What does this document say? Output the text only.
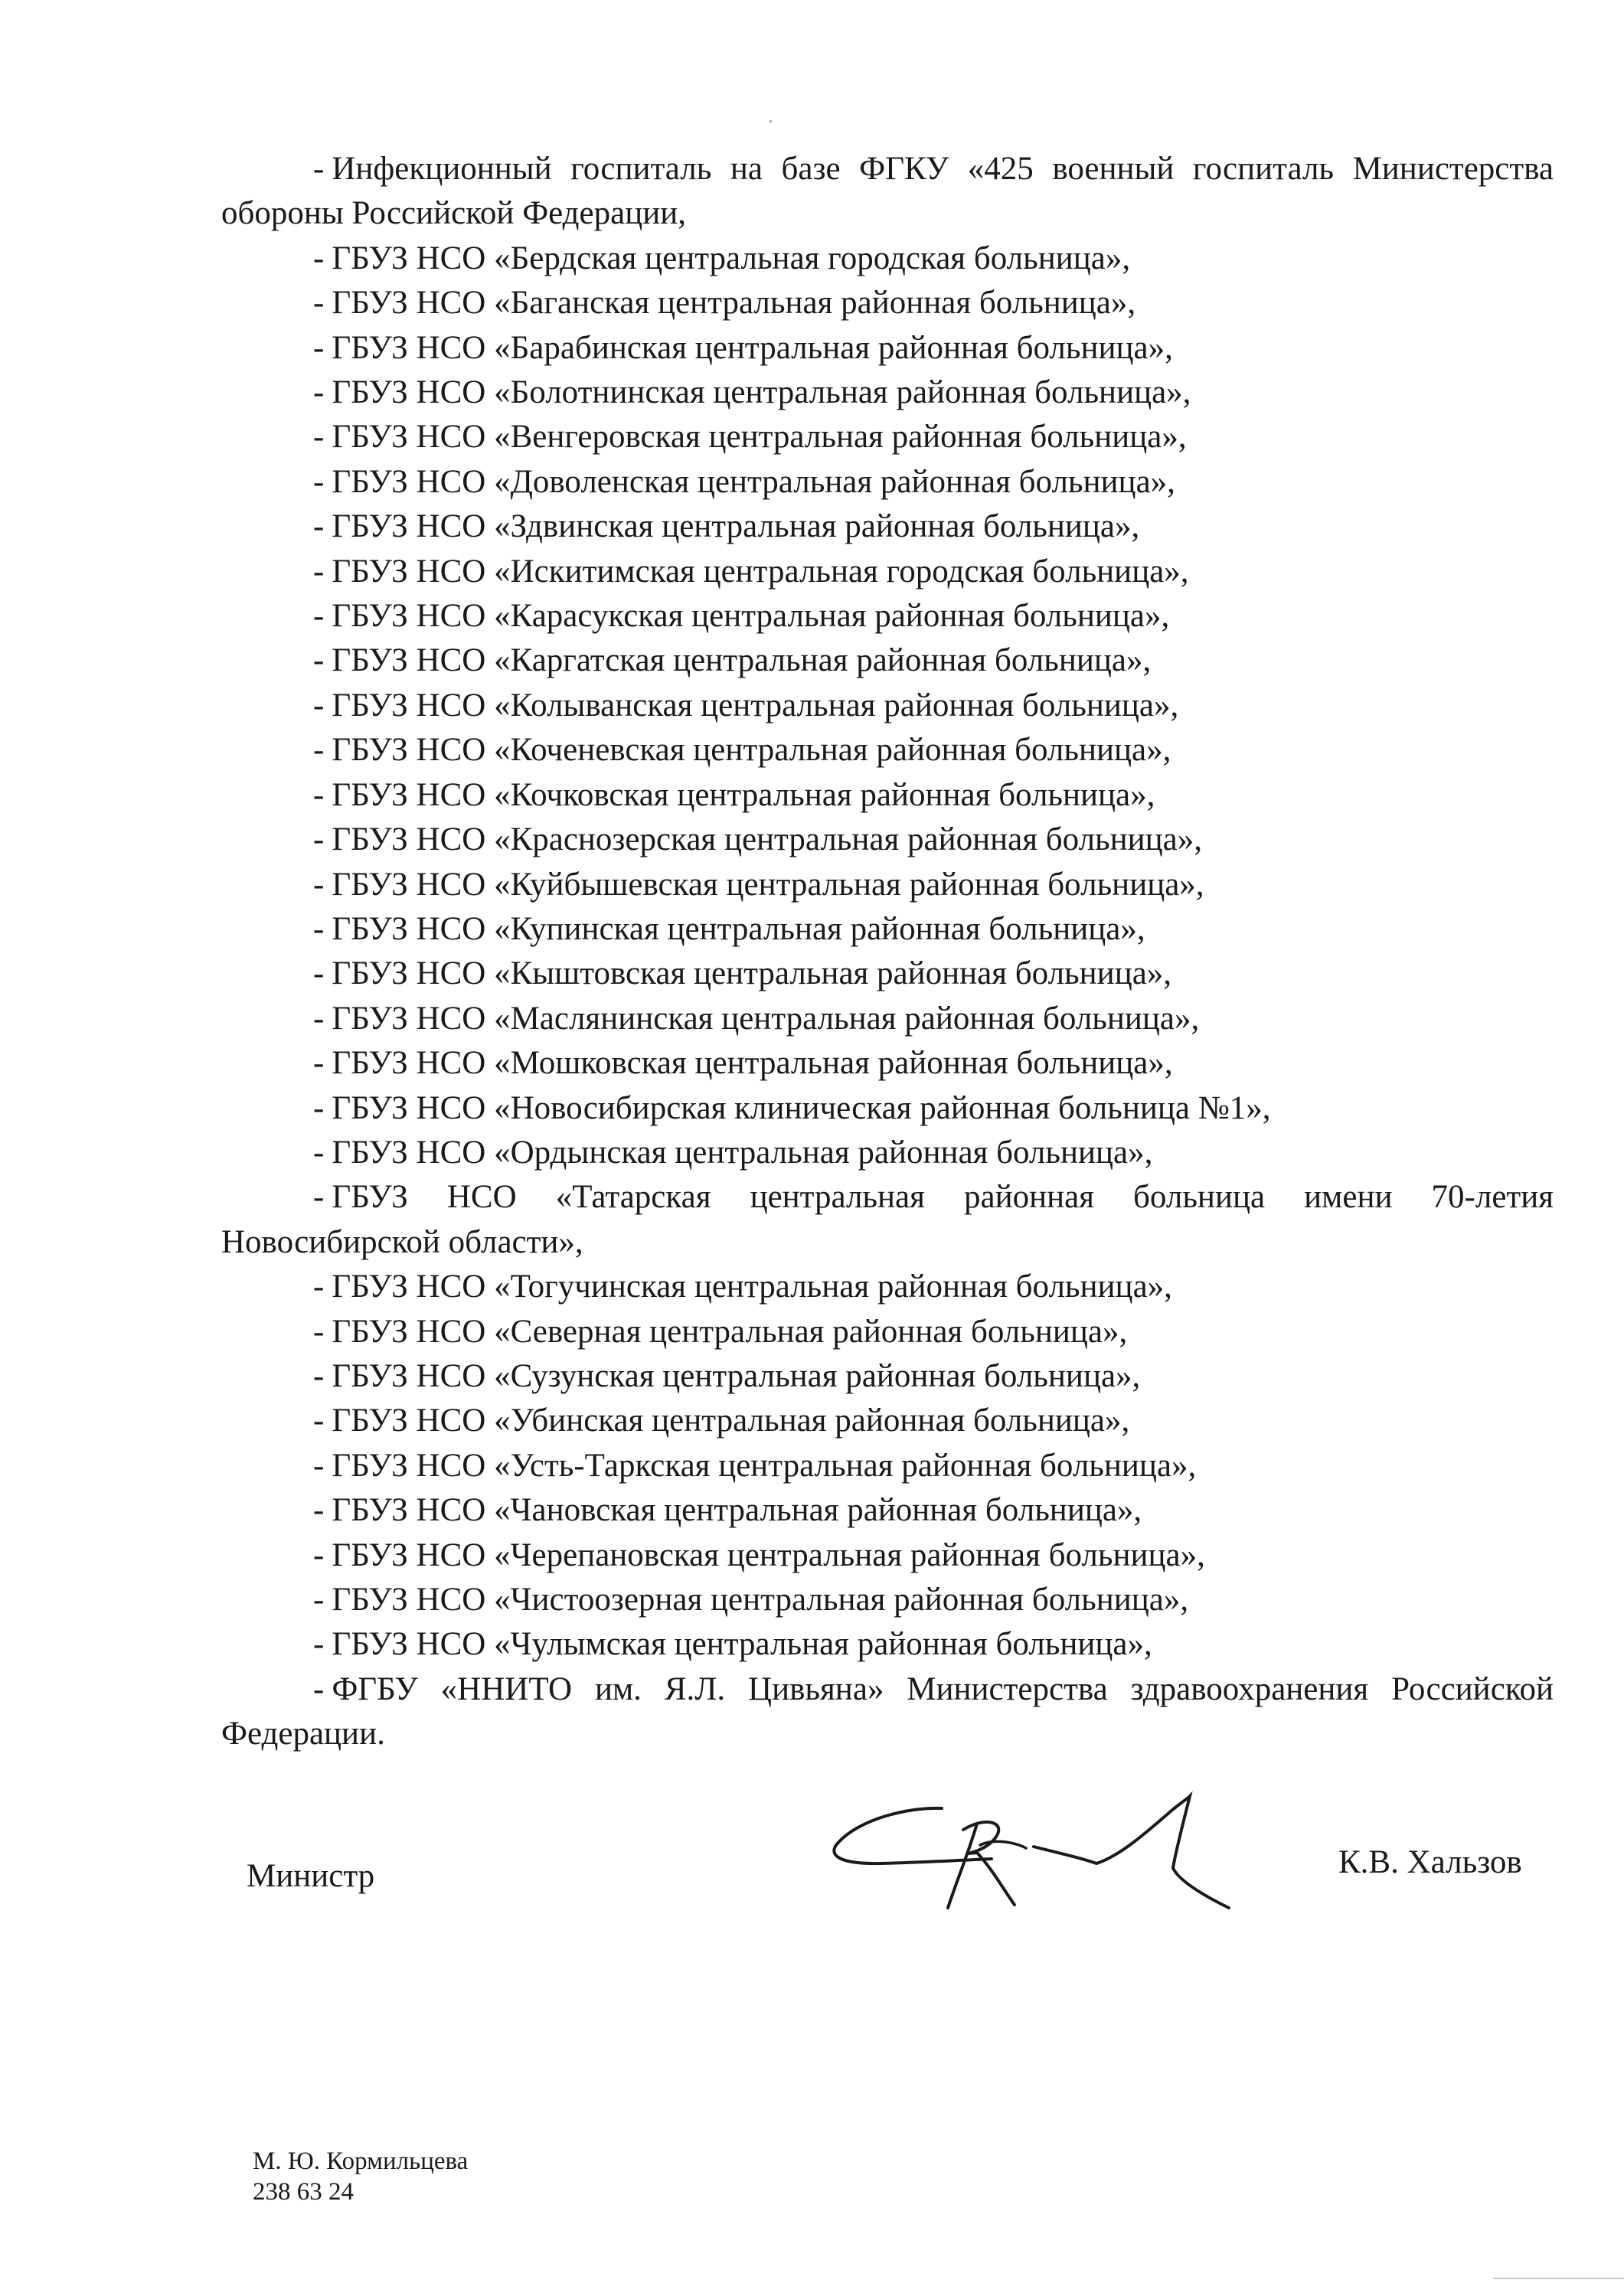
- Инфекционный госпиталь на базе ФГКУ «425 военный госпиталь Министерства обороны Российской Федерации,
- ГБУЗ НСО «Бердская центральная городская больница»,
- ГБУЗ НСО «Баганская центральная районная больница»,
- ГБУЗ НСО «Барабинская центральная районная больница»,
- ГБУЗ НСО «Болотнинская центральная районная больница»,
- ГБУЗ НСО «Венгеровская центральная районная больница»,
- ГБУЗ НСО «Доволенская центральная районная больница»,
- ГБУЗ НСО «Здвинская центральная районная больница»,
- ГБУЗ НСО «Искитимская центральная городская больница»,
- ГБУЗ НСО «Карасукская центральная районная больница»,
- ГБУЗ НСО «Каргатская центральная районная больница»,
- ГБУЗ НСО «Колыванская центральная районная больница»,
- ГБУЗ НСО «Коченевская центральная районная больница»,
- ГБУЗ НСО «Кочковская центральная районная больница»,
- ГБУЗ НСО «Краснозерская центральная районная больница»,
- ГБУЗ НСО «Куйбышевская центральная районная больница»,
- ГБУЗ НСО «Купинская центральная районная больница»,
- ГБУЗ НСО «Кыштовская центральная районная больница»,
- ГБУЗ НСО «Маслянинская центральная районная больница»,
- ГБУЗ НСО «Мошковская центральная районная больница»,
- ГБУЗ НСО «Новосибирская клиническая районная больница №1»,
- ГБУЗ НСО «Ордынская центральная районная больница»,
- ГБУЗ НСО «Татарская центральная районная больница имени 70-летия Новосибирской области»,
- ГБУЗ НСО «Тогучинская центральная районная больница»,
- ГБУЗ НСО «Северная центральная районная больница»,
- ГБУЗ НСО «Сузунская центральная районная больница»,
- ГБУЗ НСО «Убинская центральная районная больница»,
- ГБУЗ НСО «Усть-Таркская центральная районная больница»,
- ГБУЗ НСО «Чановская центральная районная больница»,
- ГБУЗ НСО «Черепановская центральная районная больница»,
- ГБУЗ НСО «Чистоозерная центральная районная больница»,
- ГБУЗ НСО «Чулымская центральная районная больница»,
- ФГБУ «ННИТО им. Я.Л. Цивьяна» Министерства здравоохранения Российской Федерации.
Министр	К.В. Хальзов
М. Ю. Кормильцева
238 63 24
